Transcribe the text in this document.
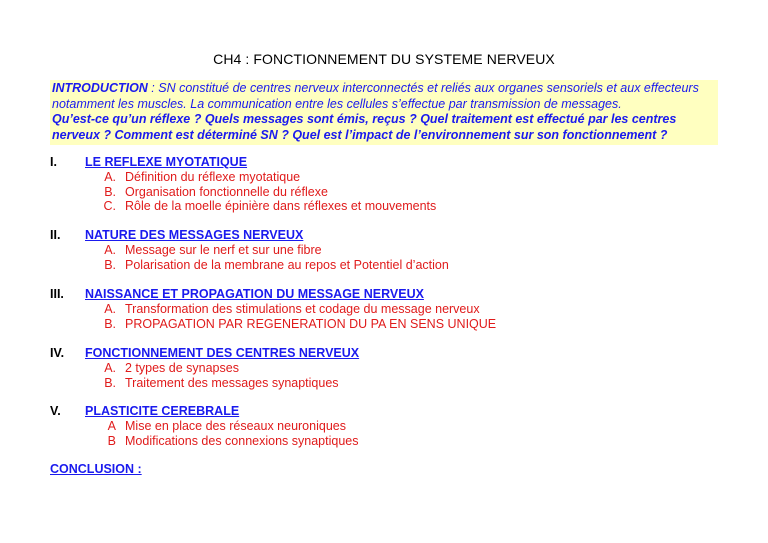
CH4 : FONCTIONNEMENT DU SYSTEME NERVEUX
INTRODUCTION : SN constitué de centres nerveux interconnectés et reliés aux organes sensoriels et aux effecteurs notamment les muscles. La communication entre les cellules s’effectue par transmission de messages.
Qu’est-ce qu’un réflexe ? Quels messages sont émis, reçus ? Quel traitement est effectué par les centres nerveux ? Comment est déterminé SN ? Quel est l’impact de l’environnement sur son fonctionnement ?
I.	LE REFLEXE MYOTATIQUE
A. Définition du réflexe myotatique
B. Organisation fonctionnelle du réflexe
C. Rôle de la moelle épinière dans réflexes et mouvements
II.	NATURE DES MESSAGES NERVEUX
A. Message sur le nerf et sur une fibre
B. Polarisation de la membrane au repos et Potentiel d’action
III.	NAISSANCE ET PROPAGATION DU MESSAGE NERVEUX
A. Transformation des stimulations et codage du message nerveux
B. PROPAGATION PAR REGENERATION DU PA EN SENS UNIQUE
IV.	FONCTIONNEMENT DES CENTRES NERVEUX
A. 2 types de synapses
B. Traitement des messages synaptiques
V.	PLASTICITE CEREBRALE
A Mise en place des réseaux neuroniques
B Modifications des connexions synaptiques
CONCLUSION :
